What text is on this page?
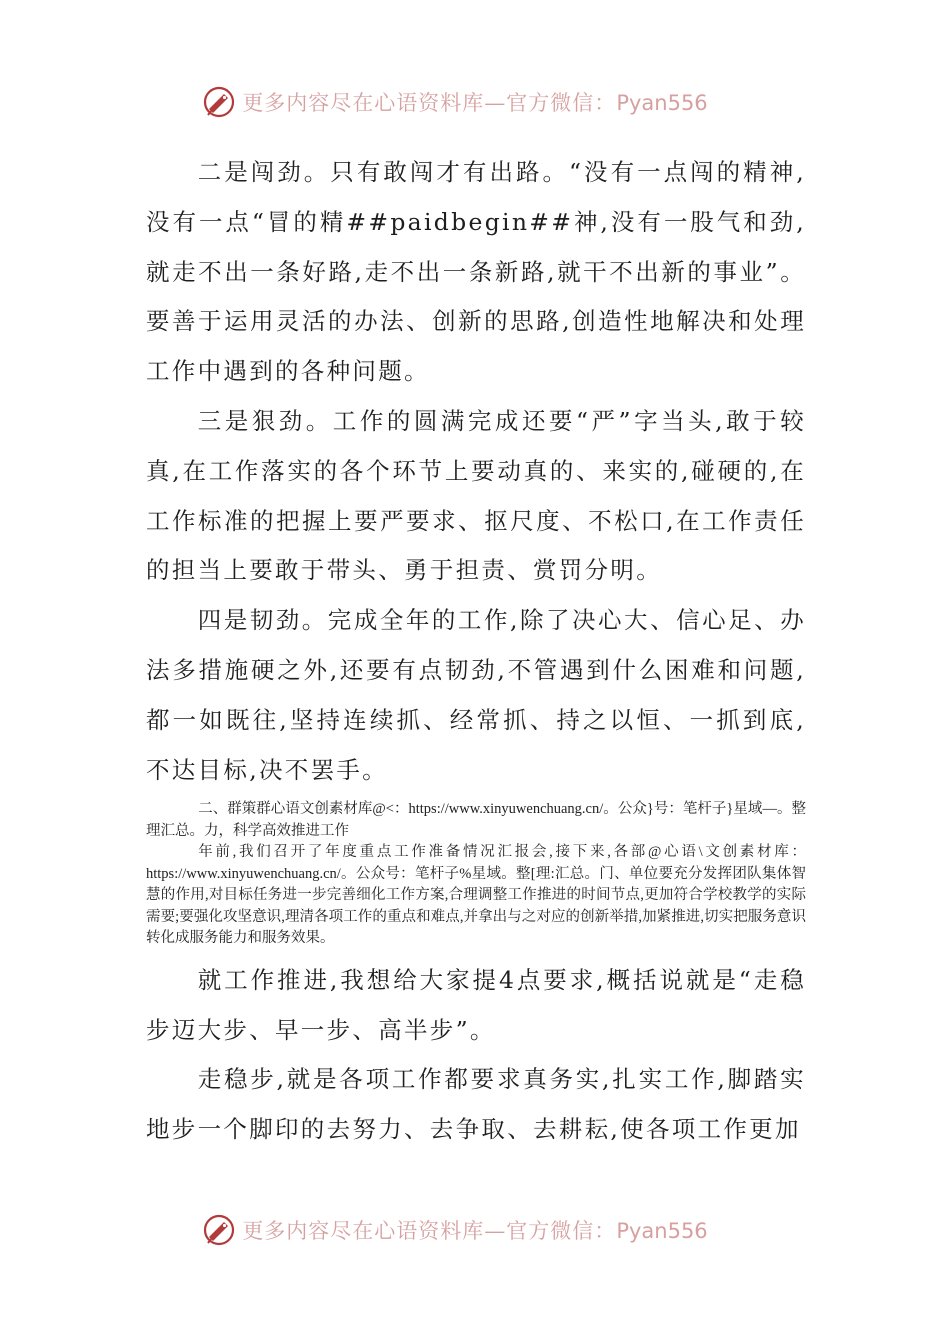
更多内容尽在心语资料库—官方微信：Pyan556

二是闯劲。只有敢闯才有出路。“没有一点闯的精神,没有一点“冒的精##paidbegin##神,没有一股气和劲,就走不出一条好路,走不出一条新路,就干不出新的事业”。要善于运用灵活的办法、创新的思路,创造性地解决和处理工作中遇到的各种问题。

三是狠劲。工作的圆满完成还要“严”字当头,敢于较真,在工作落实的各个环节上要动真的、来实的,碰硬的,在工作标准的把握上要严要求、抠尺度、不松口,在工作责任的担当上要敢于带头、勇于担责、赏罚分明。

四是韧劲。完成全年的工作,除了决心大、信心足、办法多措施硬之外,还要有点韧劲,不管遇到什么困难和问题,都一如既往,坚持连续抓、经常抓、持之以恒、一抓到底,不达目标,决不罢手。

二、群策群心语文创素材库@<：https://www.xinyuwenchuang.cn/。公众}号：笔杆子}星域—。整理汇总。力，科学高效推进工作

年前,我们召开了年度重点工作准备情况汇报会,接下来,各部@心语\文创素材库：https://www.xinyuwenchuang.cn/。公众号：笔杆子%星域。整[理:汇总。门、单位要充分发挥团队集体智慧的作用,对目标任务进一步完善细化工作方案,合理调整工作推进的时间节点,更加符合学校教学的实际需要;要强化攻坚意识,理清各项工作的重点和难点,并拿出与之对应的创新举措,加紧推进,切实把服务意识转化成服务能力和服务效果。

就工作推进,我想给大家提4点要求,概括说就是“走稳步迈大步、早一步、高半步”。

走稳步,就是各项工作都要求真务实,扎实工作,脚踏实地步一个脚印的去努力、去争取、去耕耘,使各项工作更加

更多内容尽在心语资料库—官方微信：Pyan556
